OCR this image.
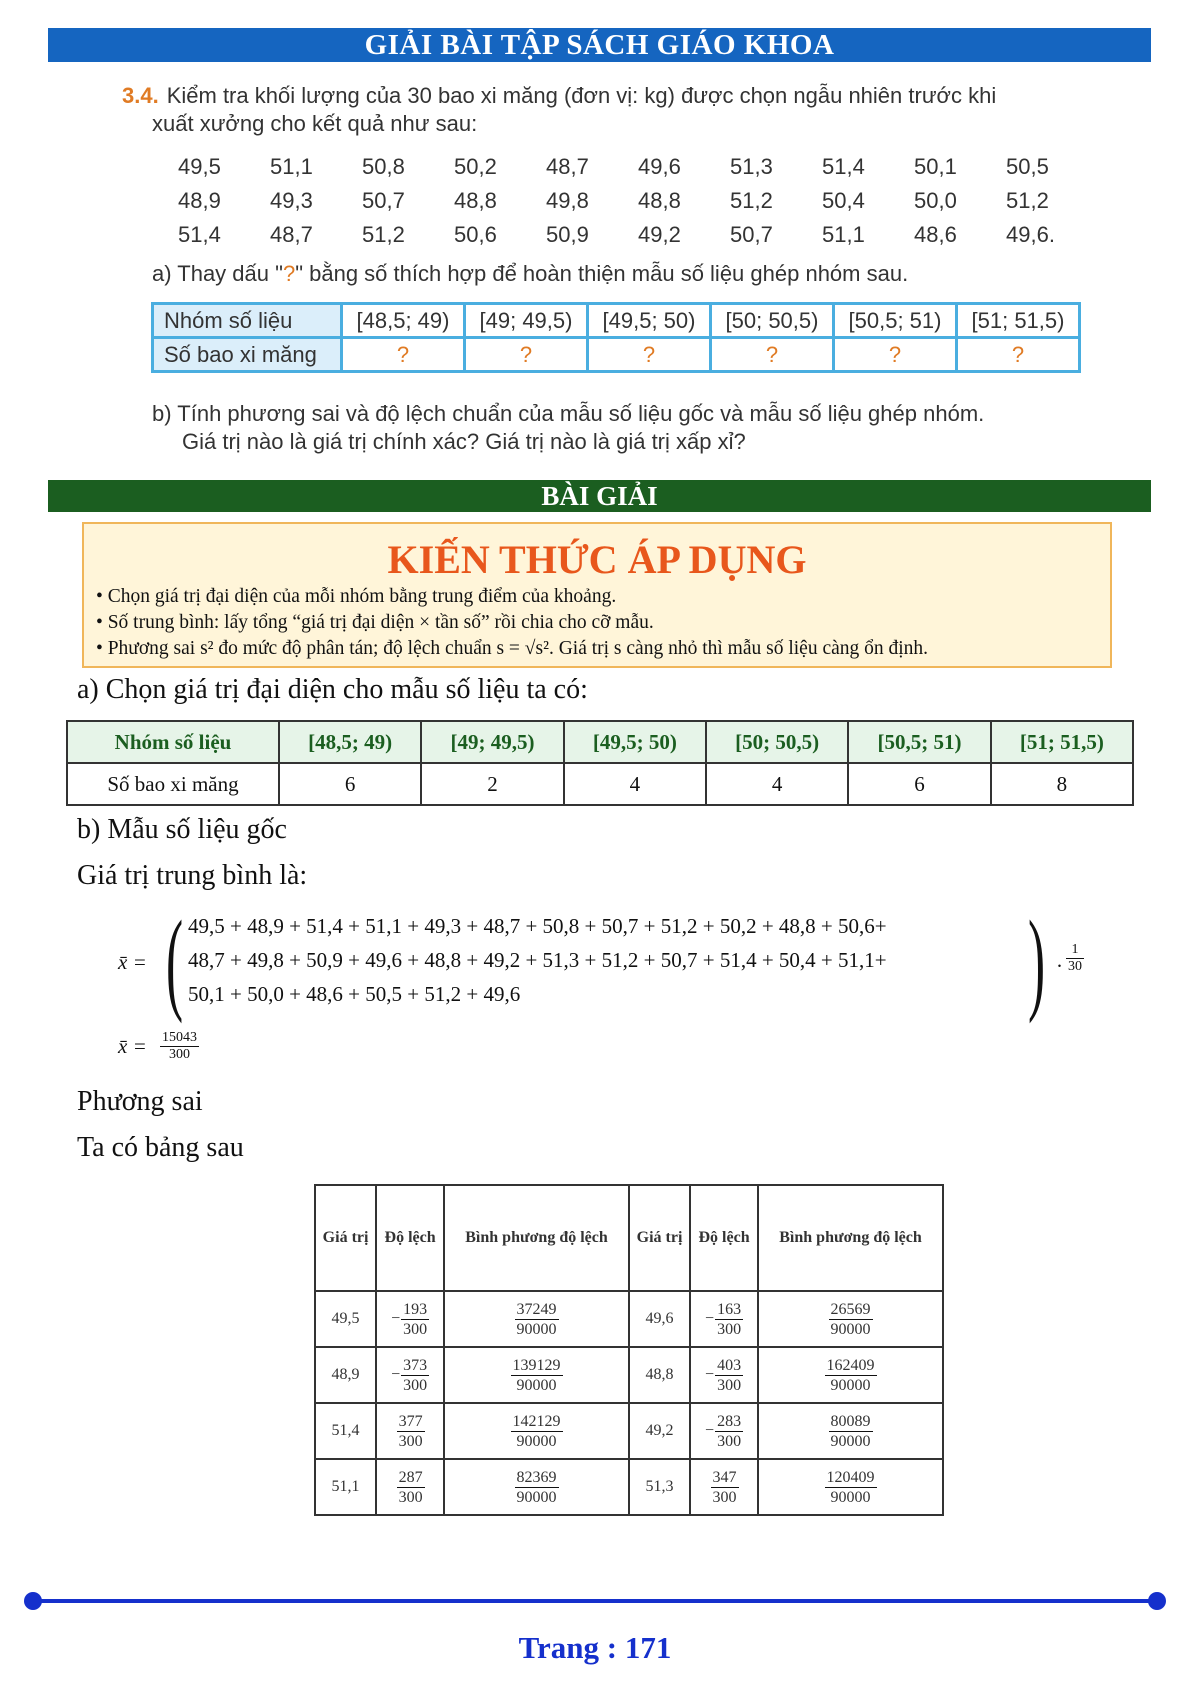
GIẢI BÀI TẬP SÁCH GIÁO KHOA
3.4. Kiểm tra khối lượng của 30 bao xi măng (đơn vị: kg) được chọn ngẫu nhiên trước khi
xuất xưởng cho kết quả như sau:
49,5	51,1	50,8	50,2	48,7	49,6	51,3	51,4	50,1	50,5
48,9	49,3	50,7	48,8	49,8	48,8	51,2	50,4	50,0	51,2
51,4	48,7	51,2	50,6	50,9	49,2	50,7	51,1	48,6	49,6.
a) Thay dấu "?" bằng số thích hợp để hoàn thiện mẫu số liệu ghép nhóm sau.
Nhóm số liệu	[48,5; 49)	[49; 49,5)	[49,5; 50)	[50; 50,5)	[50,5; 51)	[51; 51,5)
Số bao xi măng	?	?	?	?	?	?
b) Tính phương sai và độ lệch chuẩn của mẫu số liệu gốc và mẫu số liệu ghép nhóm.
Giá trị nào là giá trị chính xác? Giá trị nào là giá trị xấp xỉ?
BÀI GIẢI
KIẾN THỨC ÁP DỤNG
• Chọn giá trị đại diện của mỗi nhóm bằng trung điểm của khoảng.
• Số trung bình: lấy tổng “giá trị đại diện × tần số” rồi chia cho cỡ mẫu.
• Phương sai s² đo mức độ phân tán; độ lệch chuẩn s = √s². Giá trị s càng nhỏ thì mẫu số liệu càng ổn định.
a) Chọn giá trị đại diện cho mẫu số liệu ta có:
Nhóm số liệu	[48,5; 49)	[49; 49,5)	[49,5; 50)	[50; 50,5)	[50,5; 51)	[51; 51,5)
Số bao xi măng	6	2	4	4	6	8
b) Mẫu số liệu gốc
Giá trị trung bình là:
x̄ = ( 49,5 + 48,9 + 51,4 + 51,1 + 49,3 + 48,7 + 50,8 + 50,7 + 51,2 + 50,2 + 48,8 + 50,6+
48,7 + 49,8 + 50,9 + 49,6 + 48,8 + 49,2 + 51,3 + 51,2 + 50,7 + 51,4 + 50,4 + 51,1+
50,1 + 50,0 + 48,6 + 50,5 + 51,2 + 49,6	) · $\frac{1}{30}$
x̄ = $\frac{15043}{300}$
Phương sai
Ta có bảng sau
Giá trị	Độ lệch	Bình phương độ lệch	Giá trị	Độ lệch	Bình phương độ lệch
49,5	− $\frac{193}{300}$	$\frac{37249}{90000}$	49,6	− $\frac{163}{300}$	$\frac{26569}{90000}$

48,9	− $\frac{373}{300}$	$\frac{139129}{90000}$	48,8	− $\frac{403}{300}$	$\frac{162409}{90000}$

51,4	$\frac{377}{300}$	$\frac{142129}{90000}$	49,2	− $\frac{283}{300}$	$\frac{80089}{90000}$

51,1	$\frac{287}{300}$	$\frac{82369}{90000}$	51,3	$\frac{347}{300}$	$\frac{120409}{90000}$
Trang : 171
